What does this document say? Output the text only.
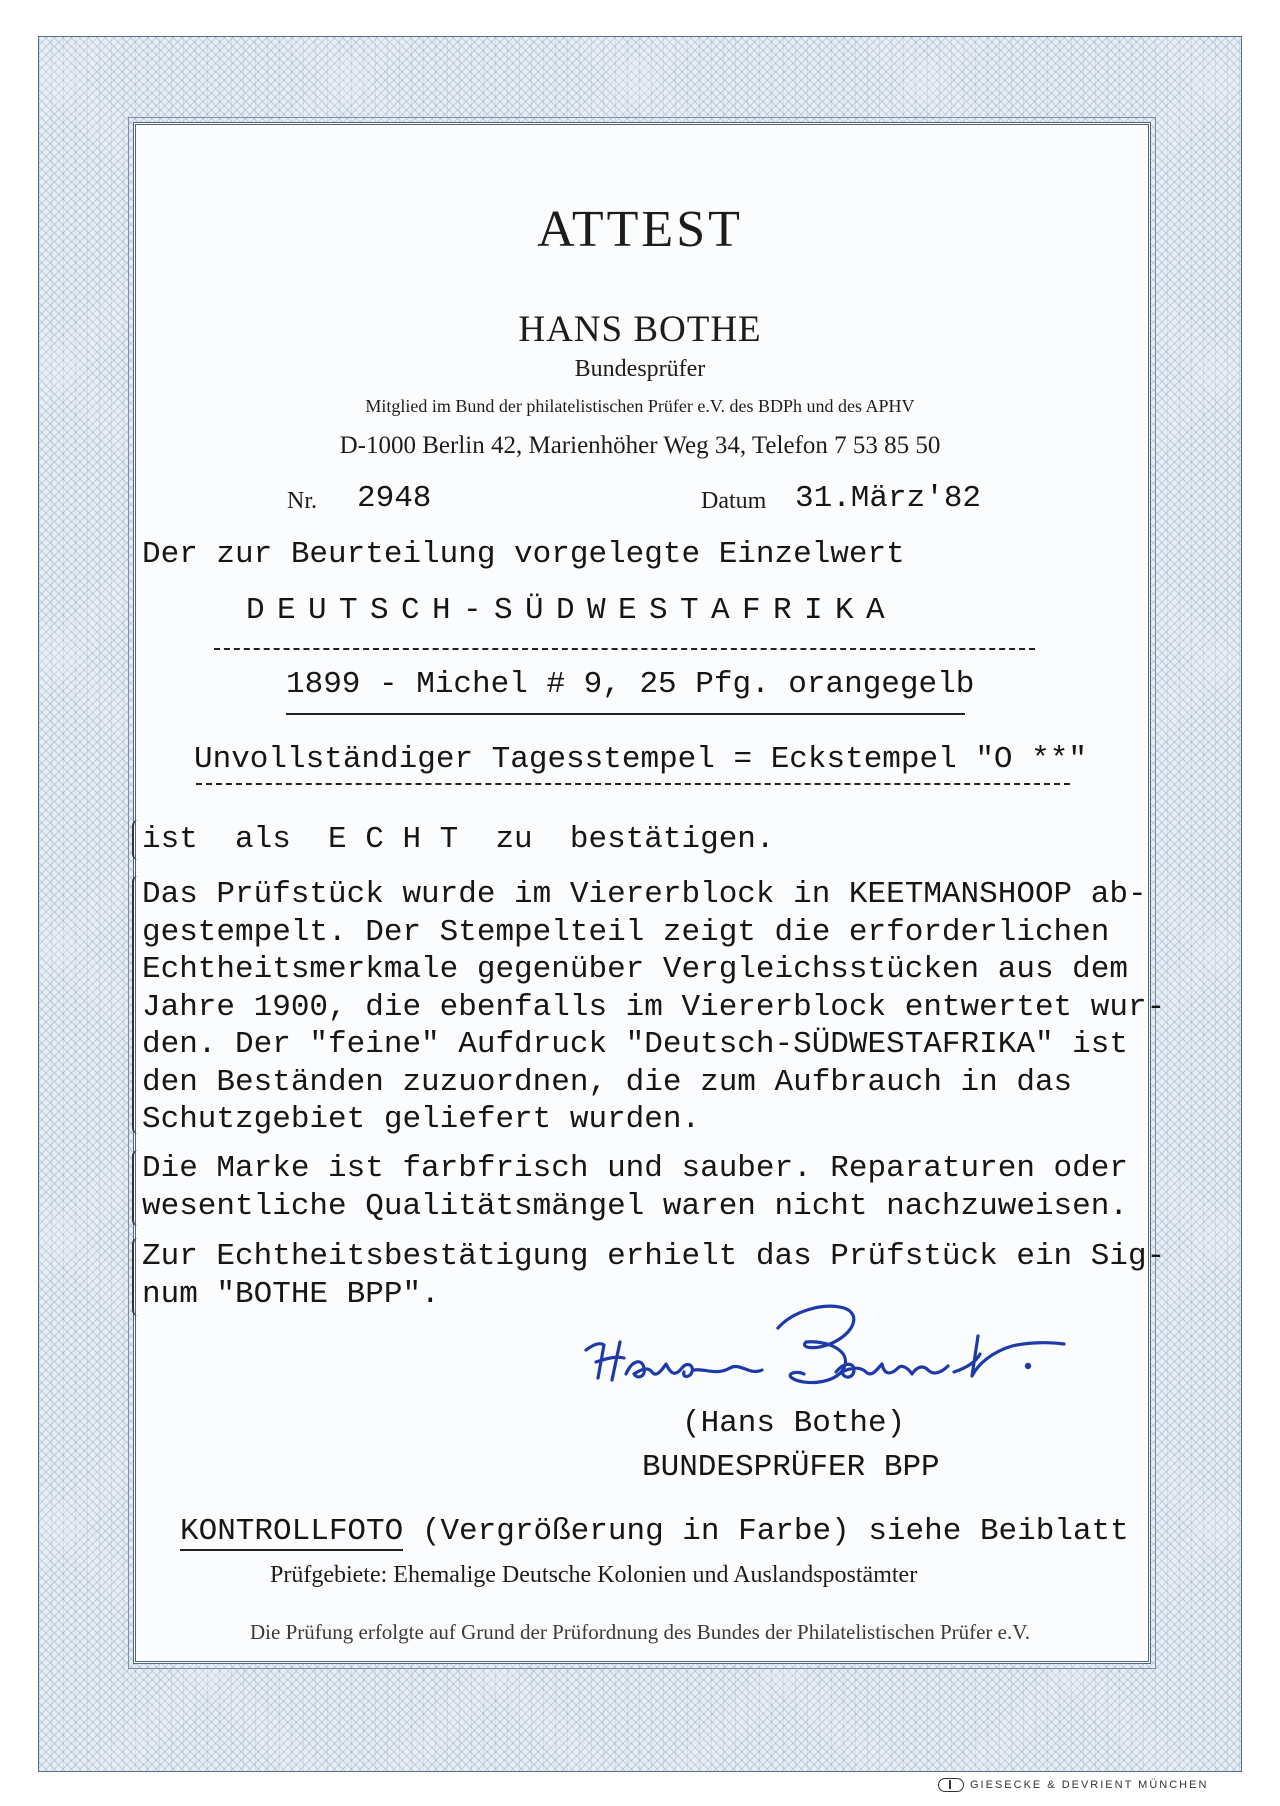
ATTEST
HANS BOTHE
Bundesprüfer
Mitglied im Bund der philatelistischen Prüfer e.V. des BDPh und des APHV
D-1000 Berlin 42, Marienhöher Weg 34, Telefon 7 53 85 50
Nr. 2948	Datum 31.März'82
Der zur Beurteilung vorgelegte Einzelwert
DEUTSCH-SÜDWESTAFRIKA
1899 - Michel # 9, 25 Pfg. orangegelb
Unvollständiger Tagesstempel = Eckstempel "O **"
ist  als  E C H T  zu  bestätigen.
Das Prüfstück wurde im Viererblock in KEETMANSHOOP ab-
gestempelt. Der Stempelteil zeigt die erforderlichen
Echtheitsmerkmale gegenüber Vergleichsstücken aus dem
Jahre 1900, die ebenfalls im Viererblock entwertet wur-
den. Der "feine" Aufdruck "Deutsch-SÜDWESTAFRIKA" ist
den Beständen zuzuordnen, die zum Aufbrauch in das
Schutzgebiet geliefert wurden.
Die Marke ist farbfrisch und sauber. Reparaturen oder
wesentliche Qualitätsmängel waren nicht nachzuweisen.
Zur Echtheitsbestätigung erhielt das Prüfstück ein Sig-
num "BOTHE BPP".
(Hans Bothe)
BUNDESPRÜFER BPP
KONTROLLFOTO (Vergrößerung in Farbe) siehe Beiblatt
Prüfgebiete: Ehemalige Deutsche Kolonien und Auslandspostämter
Die Prüfung erfolgte auf Grund der Prüfordnung des Bundes der Philatelistischen Prüfer e.V.
GIESECKE & DEVRIENT MÜNCHEN
